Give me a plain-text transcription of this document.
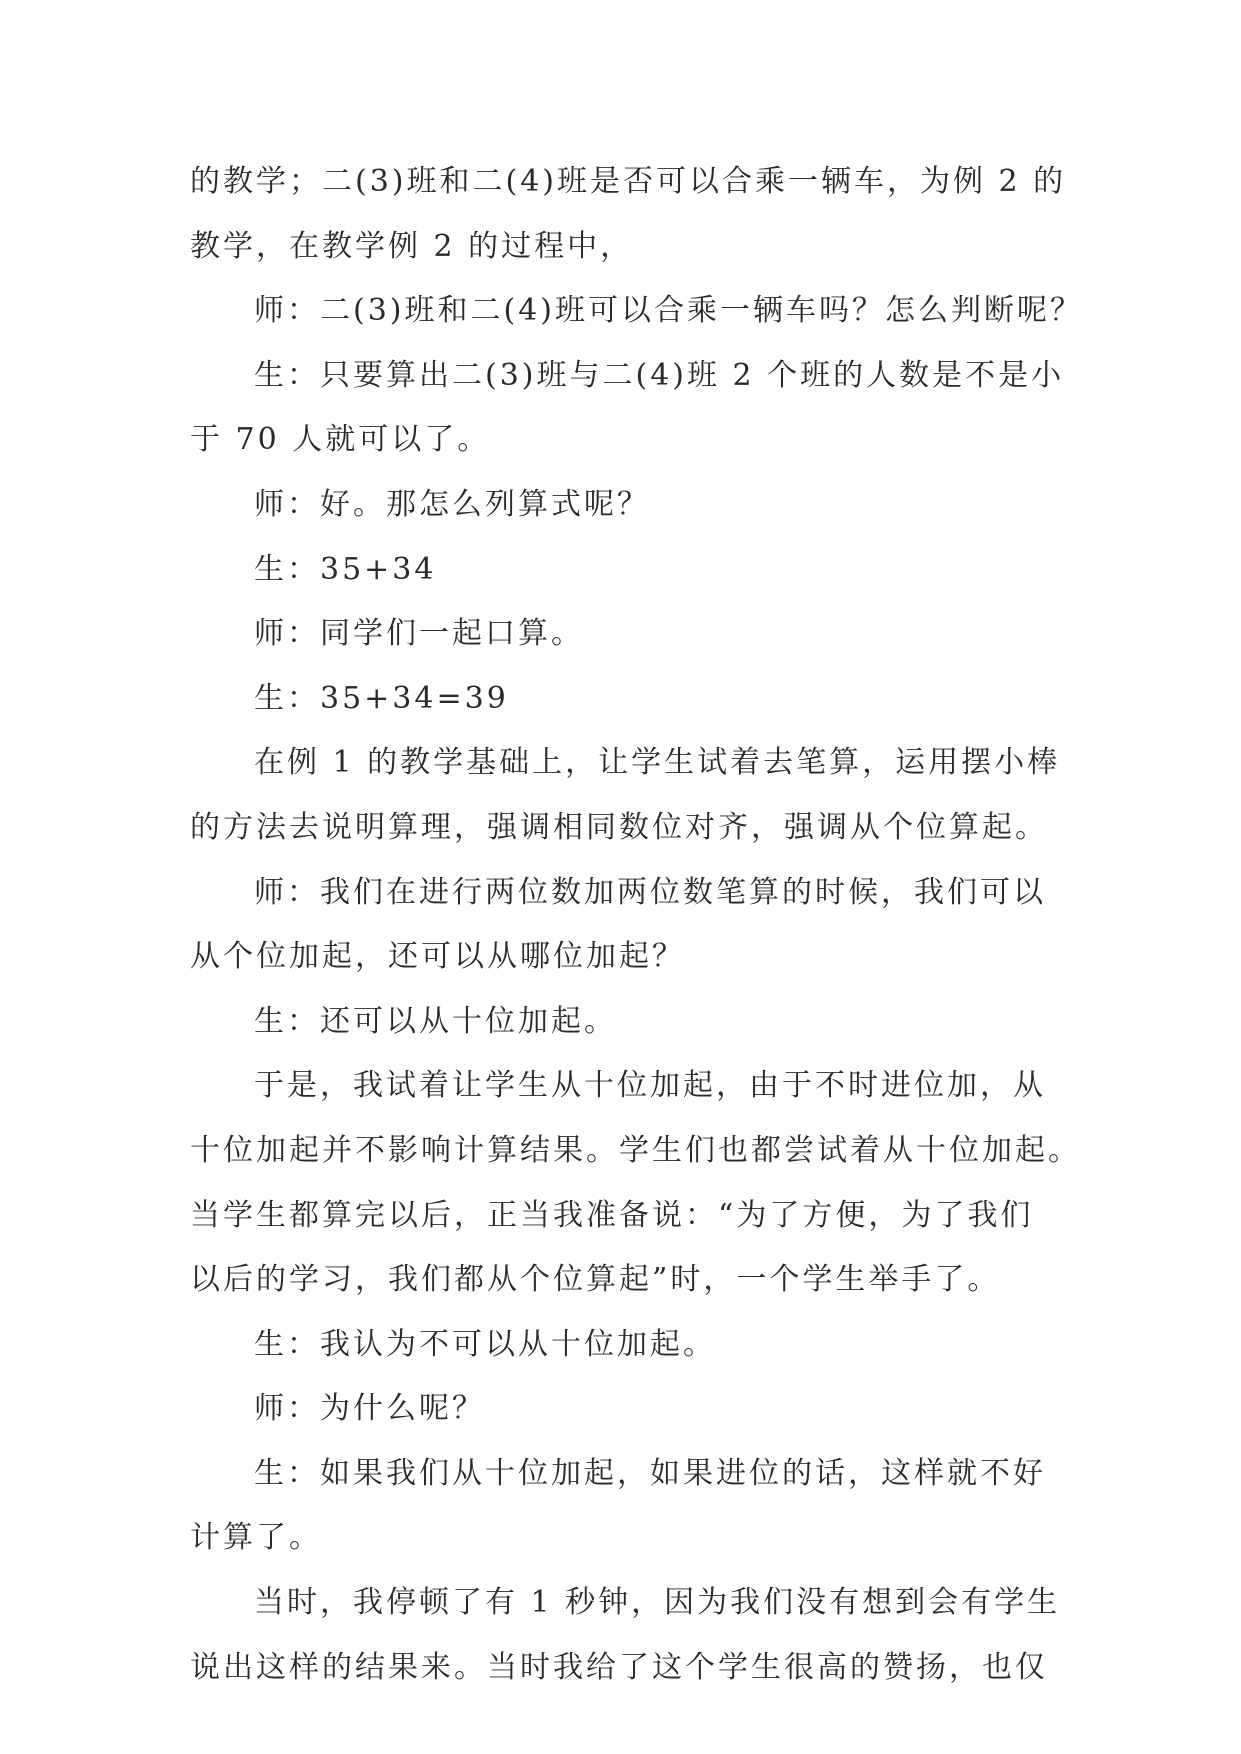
的教学；二(3)班和二(4)班是否可以合乘一辆车，为例 2 的
教学，在教学例 2 的过程中，
师：二(3)班和二(4)班可以合乘一辆车吗？怎么判断呢？
生：只要算出二(3)班与二(4)班 2 个班的人数是不是小
于 70 人就可以了。
师：好。那怎么列算式呢？
生：35+34
师：同学们一起口算。
生：35+34=39
在例 1 的教学基础上，让学生试着去笔算，运用摆小棒
的方法去说明算理，强调相同数位对齐，强调从个位算起。
师：我们在进行两位数加两位数笔算的时候，我们可以
从个位加起，还可以从哪位加起？
生：还可以从十位加起。
于是，我试着让学生从十位加起，由于不时进位加，从
十位加起并不影响计算结果。学生们也都尝试着从十位加起。
当学生都算完以后，正当我准备说：“为了方便，为了我们
以后的学习，我们都从个位算起”时，一个学生举手了。
生：我认为不可以从十位加起。
师：为什么呢？
生：如果我们从十位加起，如果进位的话，这样就不好
计算了。
当时，我停顿了有 1 秒钟，因为我们没有想到会有学生
说出这样的结果来。当时我给了这个学生很高的赞扬，也仅
